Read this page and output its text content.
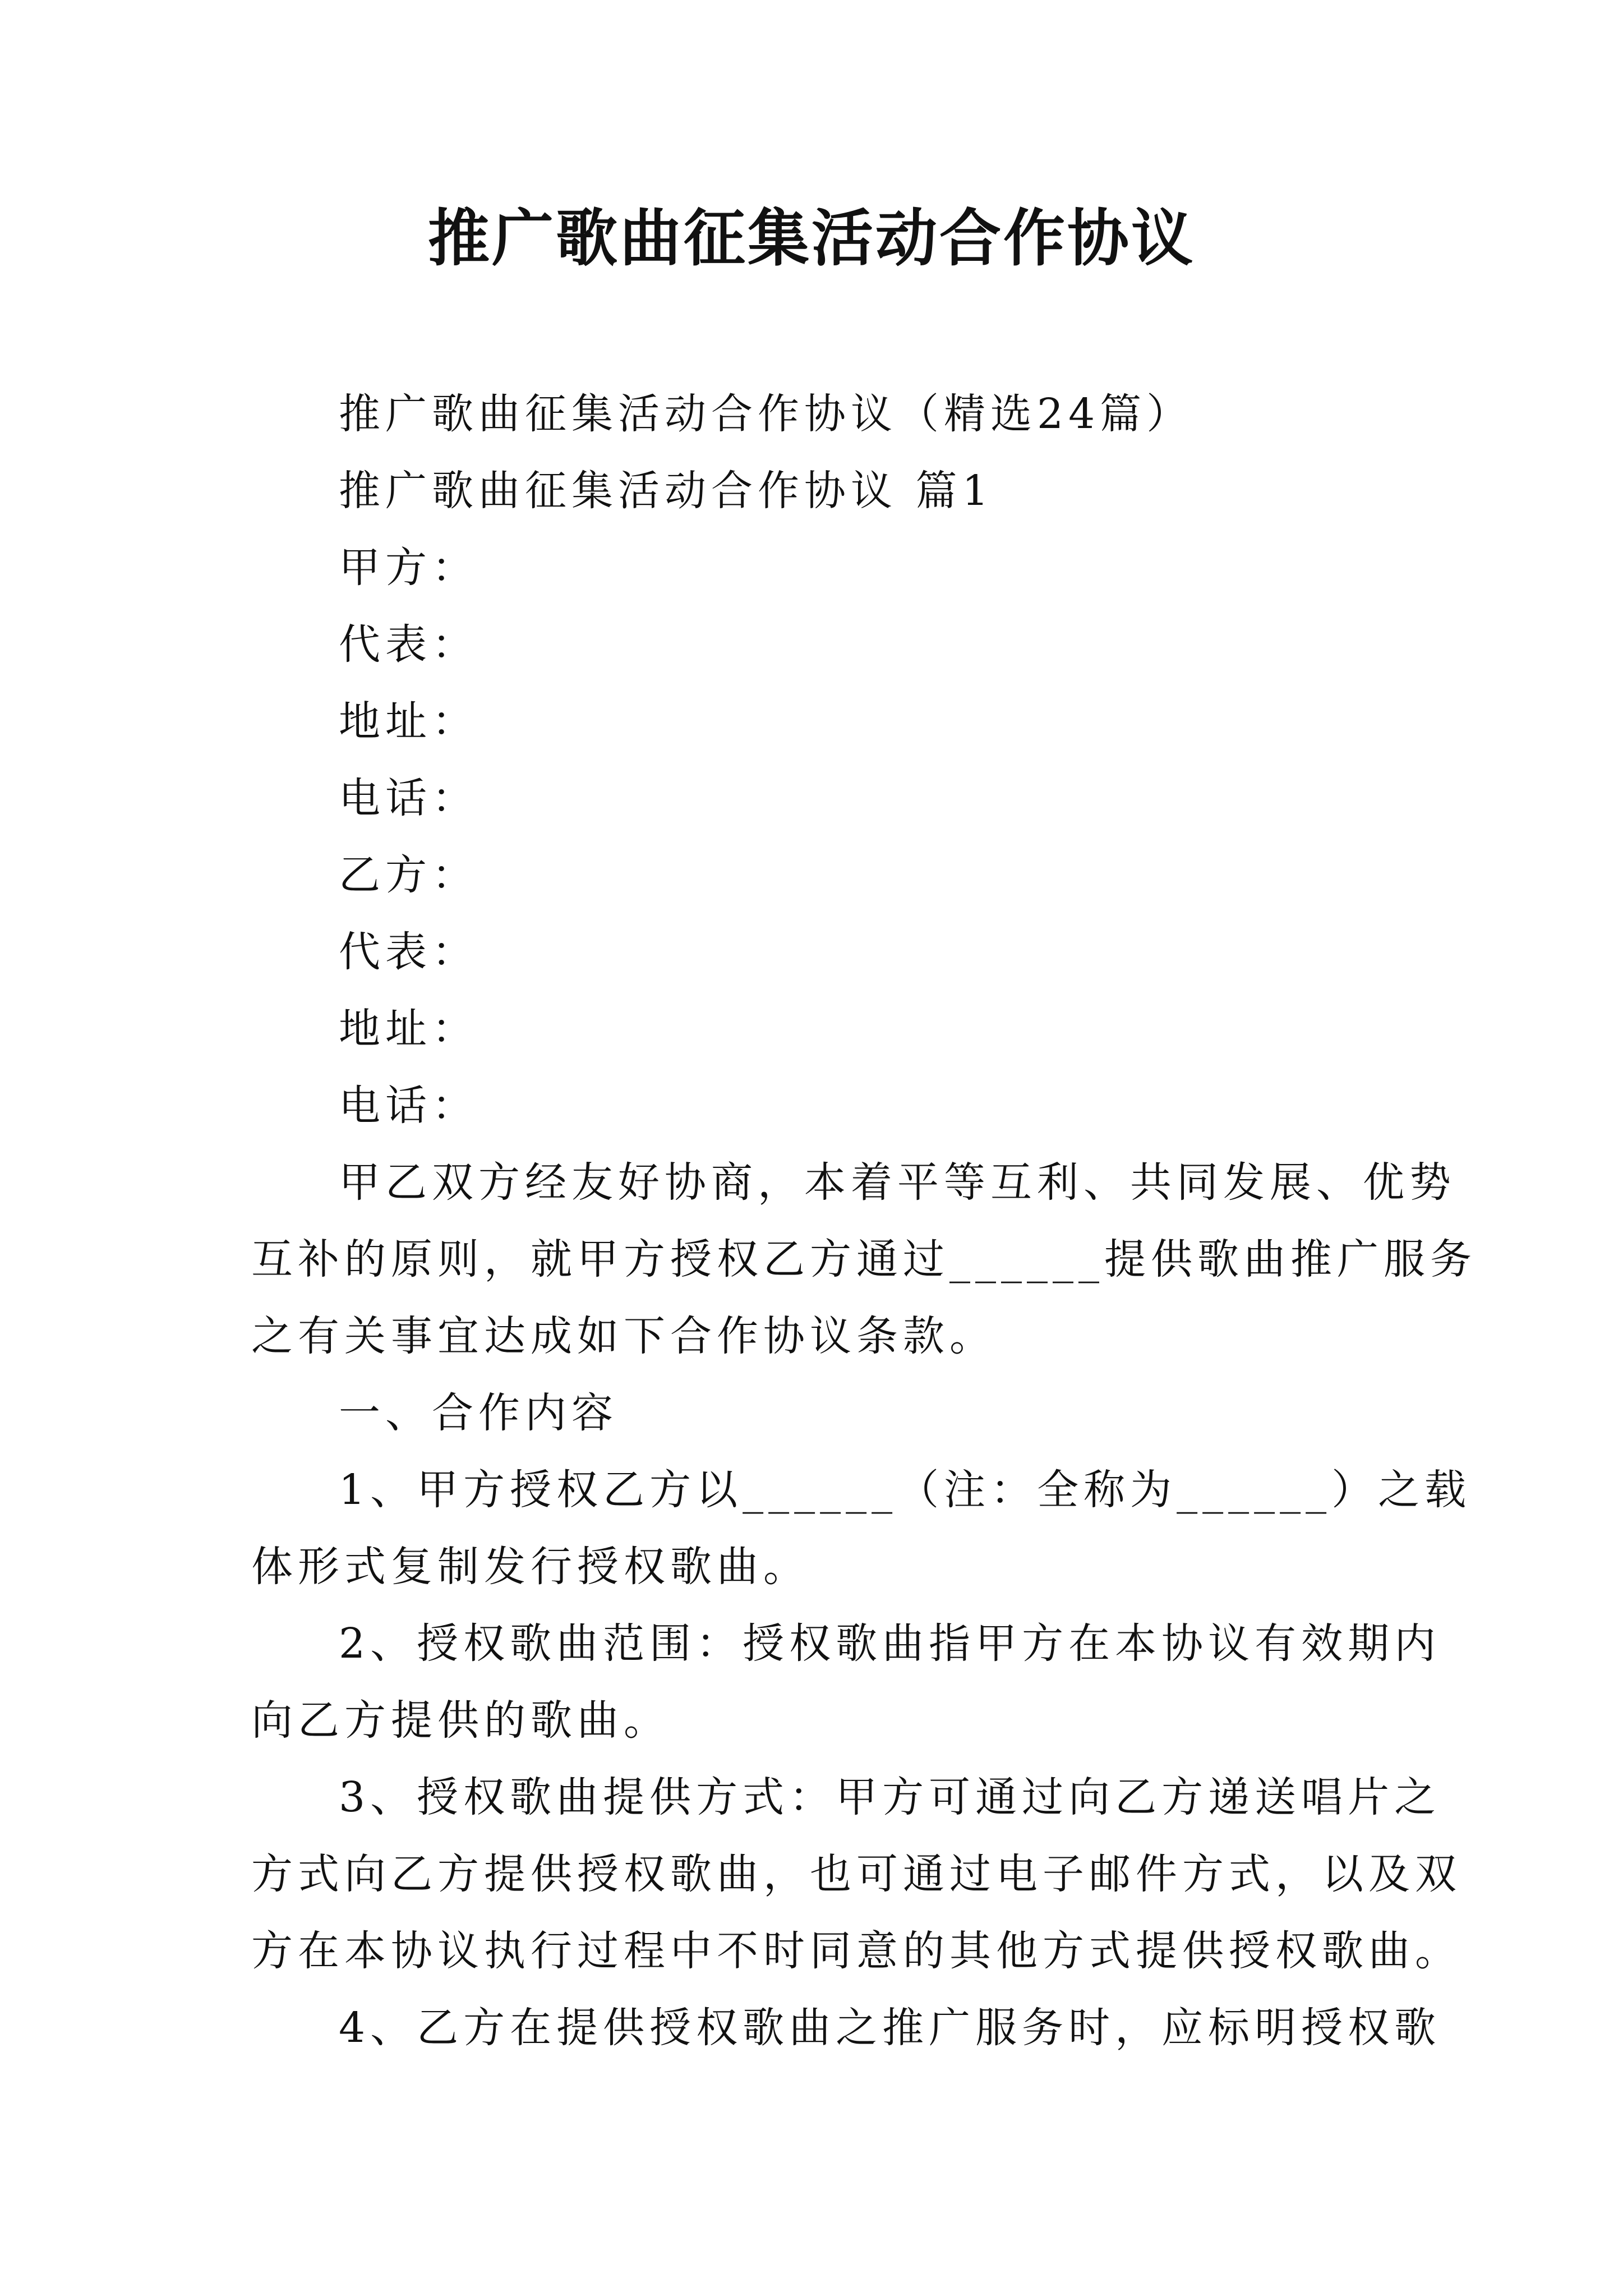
推广歌曲征集活动合作协议
推广歌曲征集活动合作协议（精选24篇）
推广歌曲征集活动合作协议 篇1
甲方：
代表：
地址：
电话：
乙方：
代表：
地址：
电话：
甲乙双方经友好协商，本着平等互利、共同发展、优势
互补的原则，就甲方授权乙方通过______提供歌曲推广服务
之有关事宜达成如下合作协议条款。
一、合作内容
1、甲方授权乙方以______（注：全称为______）之载
体形式复制发行授权歌曲。
2、授权歌曲范围：授权歌曲指甲方在本协议有效期内
向乙方提供的歌曲。
3、授权歌曲提供方式：甲方可通过向乙方递送唱片之
方式向乙方提供授权歌曲，也可通过电子邮件方式，以及双
方在本协议执行过程中不时同意的其他方式提供授权歌曲。
4、乙方在提供授权歌曲之推广服务时，应标明授权歌
